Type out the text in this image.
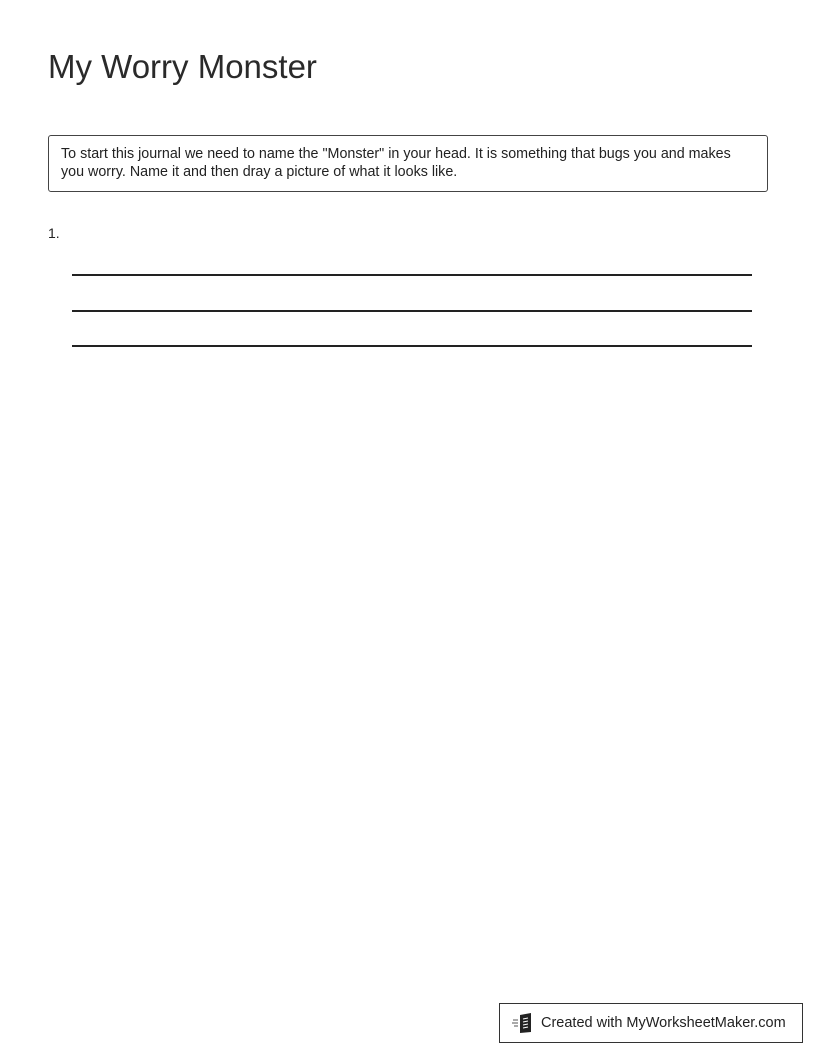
My Worry Monster
To start this journal we need to name the "Monster" in your head. It is something that bugs you and makes you worry. Name it and then dray a picture of what it looks like.
1.
Created with MyWorksheetMaker.com
